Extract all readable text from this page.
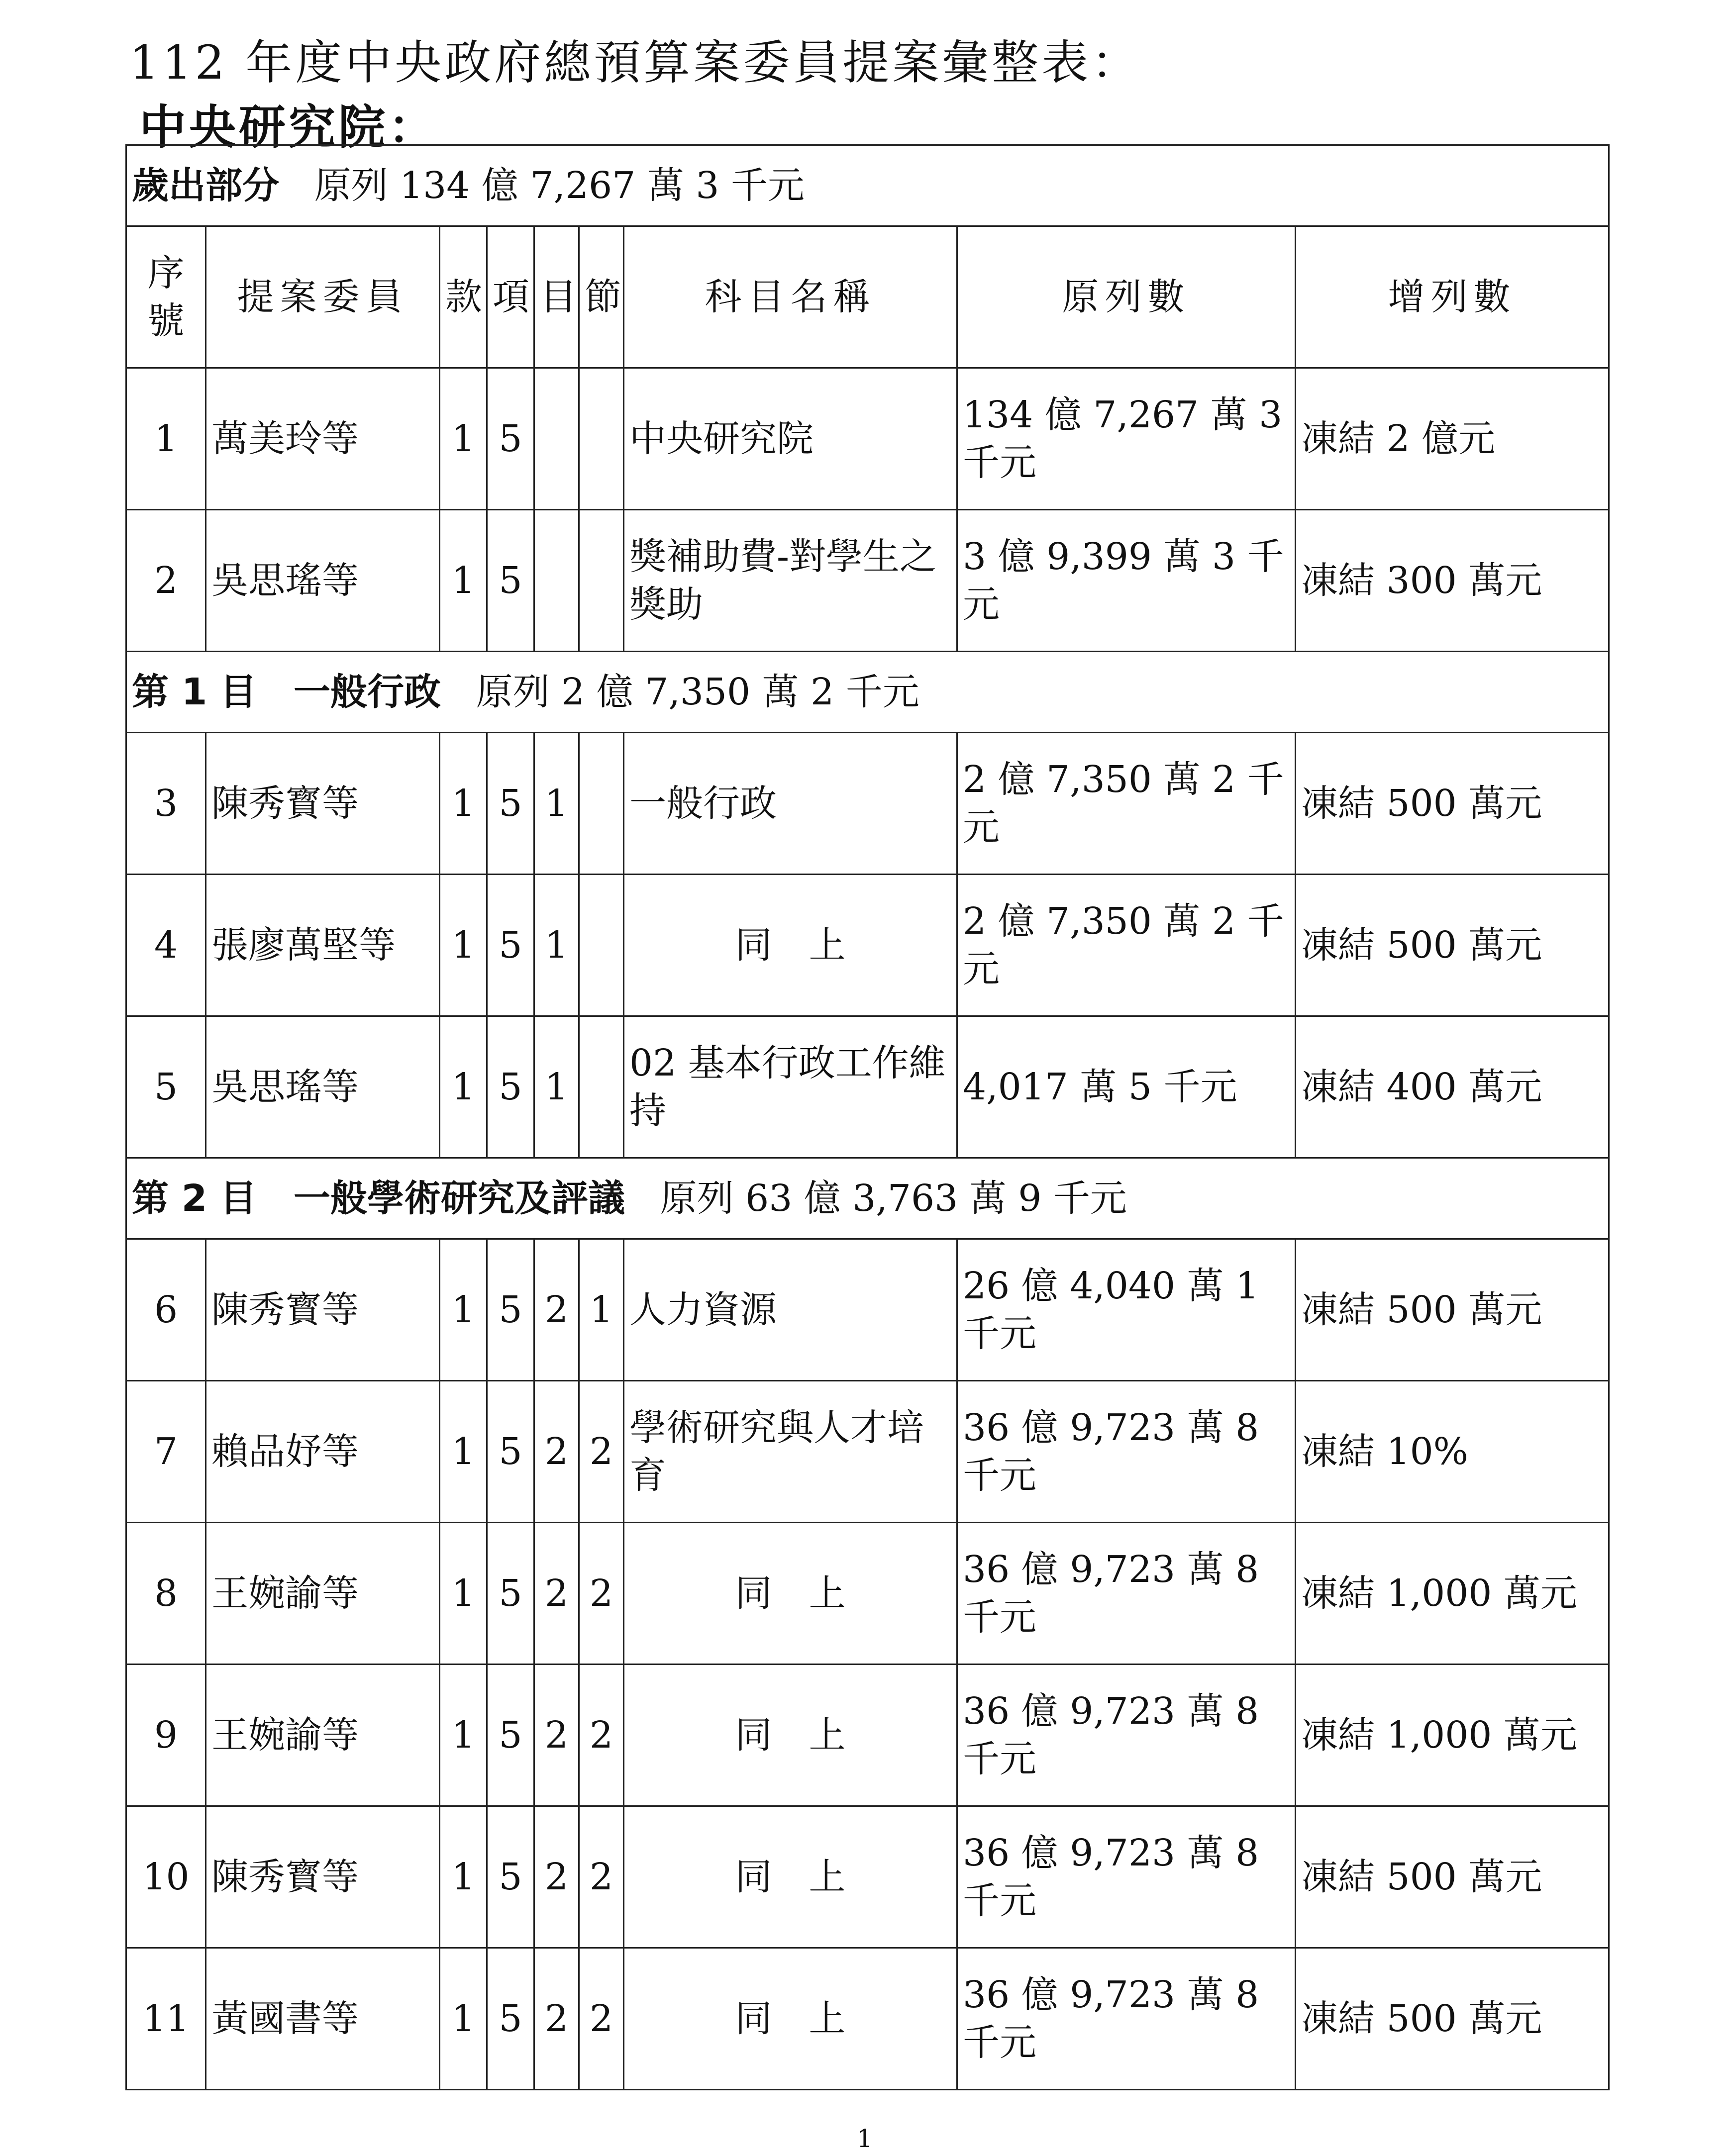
112 年度中央政府總預算案委員提案彙整表：
中央研究院：
歲出部分 原列 134 億 7,267 萬 3 千元								
序號	提案委員	款	項	目	節	科目名稱	原列數	增列數
1	萬美玲等	1	5			中央研究院	134 億 7,267 萬 3 千元	凍結 2 億元
2	吳思瑤等	1	5			獎補助費-對學生之獎助	3 億 9,399 萬 3 千元	凍結 300 萬元
第 1 目　一般行政 原列 2 億 7,350 萬 2 千元								
3	陳秀寳等	1	5	1		一般行政	2 億 7,350 萬 2 千元	凍結 500 萬元
4	張廖萬堅等	1	5	1		同　上	2 億 7,350 萬 2 千元	凍結 500 萬元
5	吳思瑤等	1	5	1		02 基本行政工作維持	4,017 萬 5 千元	凍結 400 萬元
第 2 目　一般學術研究及評議 原列 63 億 3,763 萬 9 千元								
6	陳秀寳等	1	5	2	1	人力資源	26 億 4,040 萬 1 千元	凍結 500 萬元
7	賴品妤等	1	5	2	2	學術研究與人才培育	36 億 9,723 萬 8 千元	凍結 10%
8	王婉諭等	1	5	2	2	同　上	36 億 9,723 萬 8 千元	凍結 1,000 萬元
9	王婉諭等	1	5	2	2	同　上	36 億 9,723 萬 8 千元	凍結 1,000 萬元
10	陳秀寳等	1	5	2	2	同　上	36 億 9,723 萬 8 千元	凍結 500 萬元
11	黃國書等	1	5	2	2	同　上	36 億 9,723 萬 8 千元	凍結 500 萬元
1
